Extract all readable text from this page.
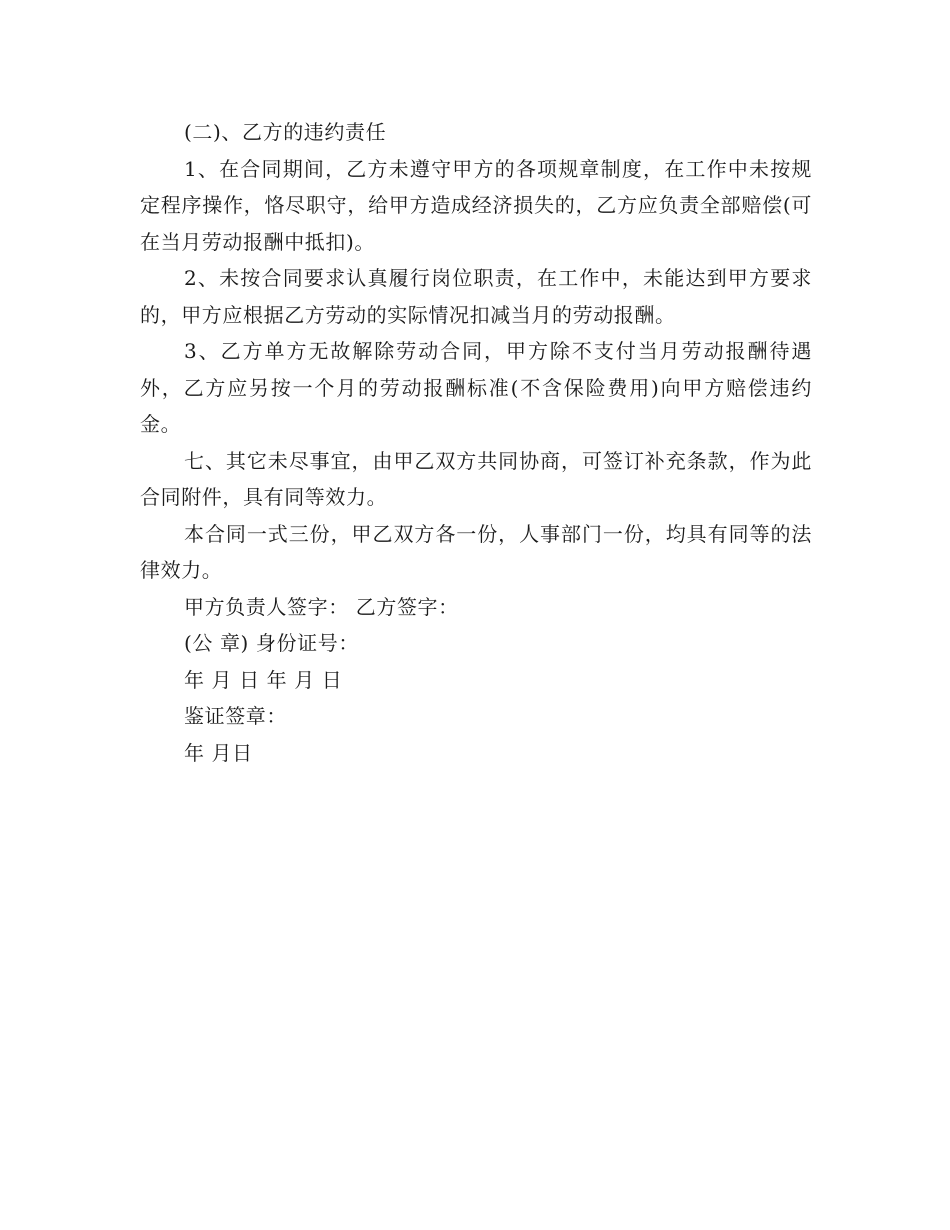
(二)、乙方的违约责任

1、在合同期间，乙方未遵守甲方的各项规章制度，在工作中未按规定程序操作，恪尽职守，给甲方造成经济损失的，乙方应负责全部赔偿(可在当月劳动报酬中抵扣)。

2、未按合同要求认真履行岗位职责，在工作中，未能达到甲方要求的，甲方应根据乙方劳动的实际情况扣减当月的劳动报酬。

3、乙方单方无故解除劳动合同，甲方除不支付当月劳动报酬待遇外，乙方应另按一个月的劳动报酬标准(不含保险费用)向甲方赔偿违约金。

七、其它未尽事宜，由甲乙双方共同协商，可签订补充条款，作为此合同附件，具有同等效力。

本合同一式三份，甲乙双方各一份，人事部门一份，均具有同等的法律效力。

甲方负责人签字： 乙方签字：

(公 章) 身份证号：

年 月 日 年 月 日

鉴证签章：

年 月日
